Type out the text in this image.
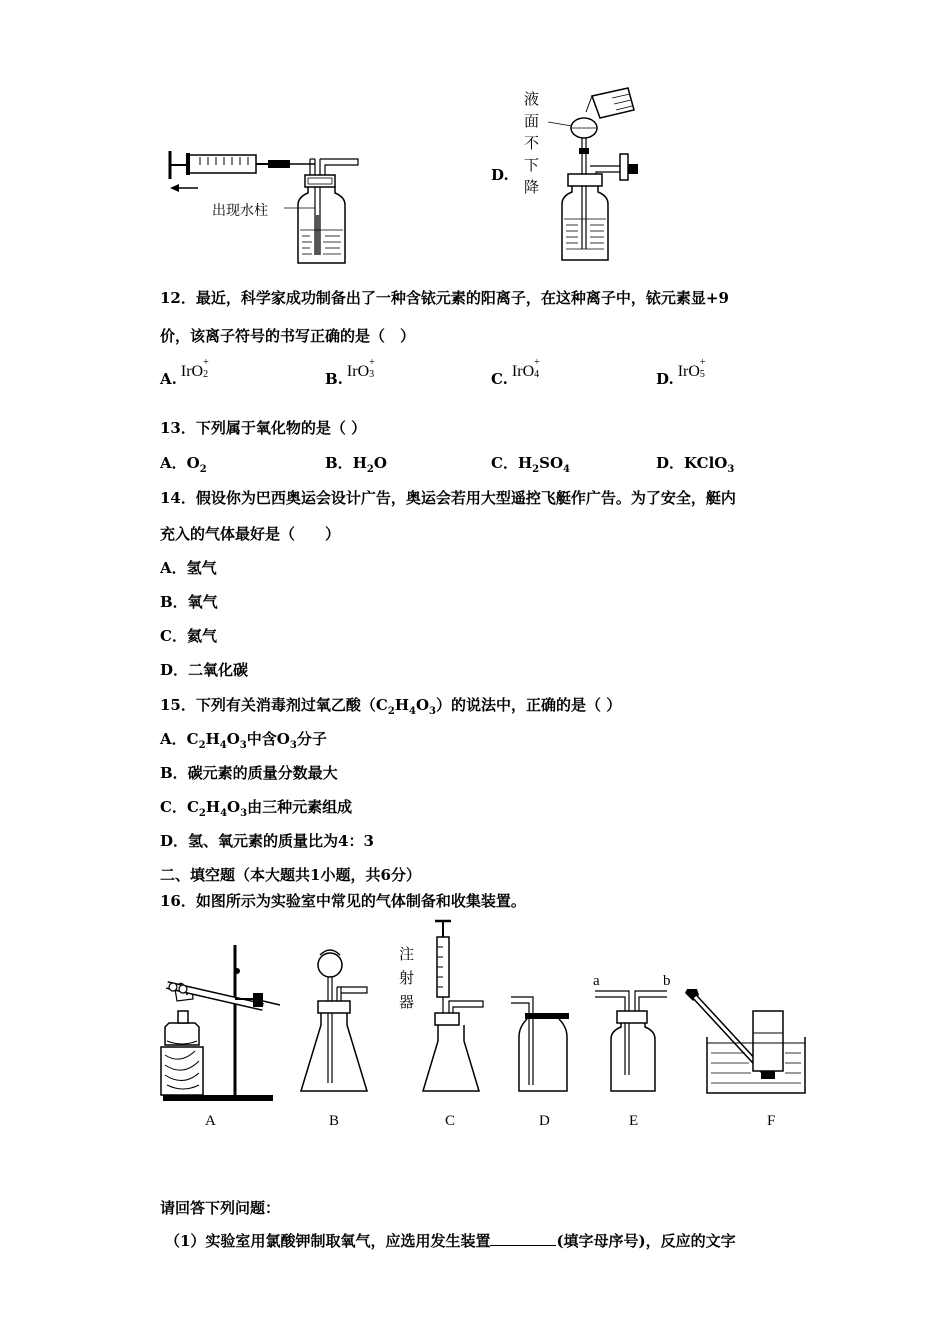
出现水柱
D.
液
面
不
下
降
12．最近，科学家成功制备出了一种含铱元素的阳离子，在这种离子中，铱元素显+9
价，该离子符号的书写正确的是（　）
A. IrO
+
2	B. IrO
+
3	C. IrO
+
4	D. IrO
+
5
13．下列属于氧化物的是（ ）
A．$O_2$	B．$H_2O$	C．$H_2SO_4$	D．KClO$_3$
14．假设你为巴西奥运会设计广告，奥运会若用大型遥控飞艇作广告。为了安全，艇内
充入的气体最好是（　　）
A．氢气
B．氧气
C．氦气
D．二氧化碳
15．下列有关消毒剂过氧乙酸$(C_2H_4O_3)$的说法中，正确的是（ ）
A．$C_2H_4O_3$中含$O_3$分子
B．碳元素的质量分数最大
C．$C_2H_4O_3$由三种元素组成
D．氢、氧元素的质量比为4：3
二、填空题（本大题共1小题，共6分）
16．如图所示为实验室中常见的气体制备和收集装置。
注
射
器
a	b
A	B	C	D	E	F
请回答下列问题：
（1）实验室用氯酸钾制取氧气，应选用发生装置	(填字母序号)，反应的文字
